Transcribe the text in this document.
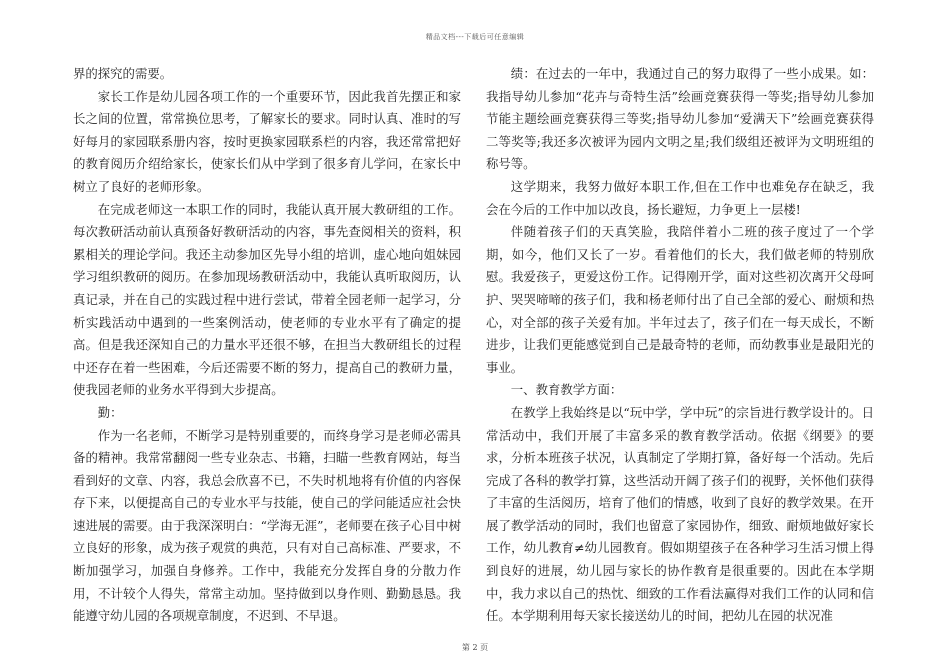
精品文档---下载后可任意编辑

界的探究的需要。

家长工作是幼儿园各项工作的一个重要环节，因此我首先摆正和家长之间的位置，常常换位思考，了解家长的要求。同时认真、准时的写好每月的家园联系册内容，按时更换家园联系栏的内容，我还常常把好的教育阅历介绍给家长，使家长们从中学到了很多育儿学问，在家长中树立了良好的老师形象。

在完成老师这一本职工作的同时，我能认真开展大教研组的工作。每次教研活动前认真预备好教研活动的内容，事先查阅相关的资料，积累相关的理论学问。我还主动参加区先导小组的培训，虚心地向姐妹园学习组织教研的阅历。在参加现场教研活动中，我能认真听取阅历，认真记录，并在自己的实践过程中进行尝试，带着全园老师一起学习，分析实践活动中遇到的一些案例活动，使老师的专业水平有了确定的提高。但是我还深知自己的力量水平还很不够，在担当大教研组长的过程中还存在着一些困难，今后还需要不断的努力，提高自己的教研力量，使我园老师的业务水平得到大步提高。

勤：

作为一名老师，不断学习是特别重要的，而终身学习是老师必需具备的精神。我常常翻阅一些专业杂志、书籍，扫瞄一些教育网站，每当看到好的文章、内容，我总会欣喜不已，不失时机地将有价值的内容保存下来，以便提高自己的专业水平与技能，使自己的学问能适应社会快速进展的需要。由于我深深明白：“学海无涯”，老师要在孩子心目中树立良好的形象，成为孩子观赏的典范，只有对自己高标准、严要求，不断加强学习，加强自身修养。工作中，我能充分发挥自身的分散力作用，不计较个人得失，常常主动加。坚持做到以身作则、勤勤恳恳。我能遵守幼儿园的各项规章制度，不迟到、不早退。

绩：在过去的一年中，我通过自己的努力取得了一些小成果。如：我指导幼儿参加“花卉与奇特生活”绘画竞赛获得一等奖;指导幼儿参加节能主题绘画竞赛获得三等奖;指导幼儿参加“爱满天下”绘画竞赛获得二等奖等;我还多次被评为园内文明之星;我们级组还被评为文明班组的称号等。

这学期来，我努力做好本职工作,但在工作中也难免存在缺乏，我会在今后的工作中加以改良，扬长避短，力争更上一层楼!

伴随着孩子们的天真笑脸，我陪伴着小二班的孩子度过了一个学期，如今，他们又长了一岁。看着他们的长大，我们做老师的特别欣慰。我爱孩子，更爱这份工作。记得刚开学，面对这些初次离开父母呵护、哭哭啼啼的孩子们，我和杨老师付出了自己全部的爱心、耐烦和热心，对全部的孩子关爱有加。半年过去了，孩子们在一每天成长，不断进步，让我们更能感觉到自己是最奇特的老师，而幼教事业是最阳光的事业。

一、教育教学方面：

在教学上我始终是以“玩中学，学中玩”的宗旨进行教学设计的。日常活动中，我们开展了丰富多采的教育教学活动。依据《纲要》的要求，分析本班孩子状况，认真制定了学期打算，备好每一个活动。先后完成了各科的教学打算，这些活动开阔了孩子们的视野，关怀他们获得了丰富的生活阅历，培育了他们的情感，收到了良好的教学效果。在开展了教学活动的同时，我们也留意了家园协作，细致、耐烦地做好家长工作，幼儿教育≠幼儿园教育。假如期望孩子在各种学习生活习惯上得到良好的进展，幼儿园与家长的协作教育是很重要的。因此在本学期中，我力求以自己的热忱、细致的工作看法赢得对我们工作的认同和信任。本学期利用每天家长接送幼儿的时间，把幼儿在园的状况准

第 2 页
